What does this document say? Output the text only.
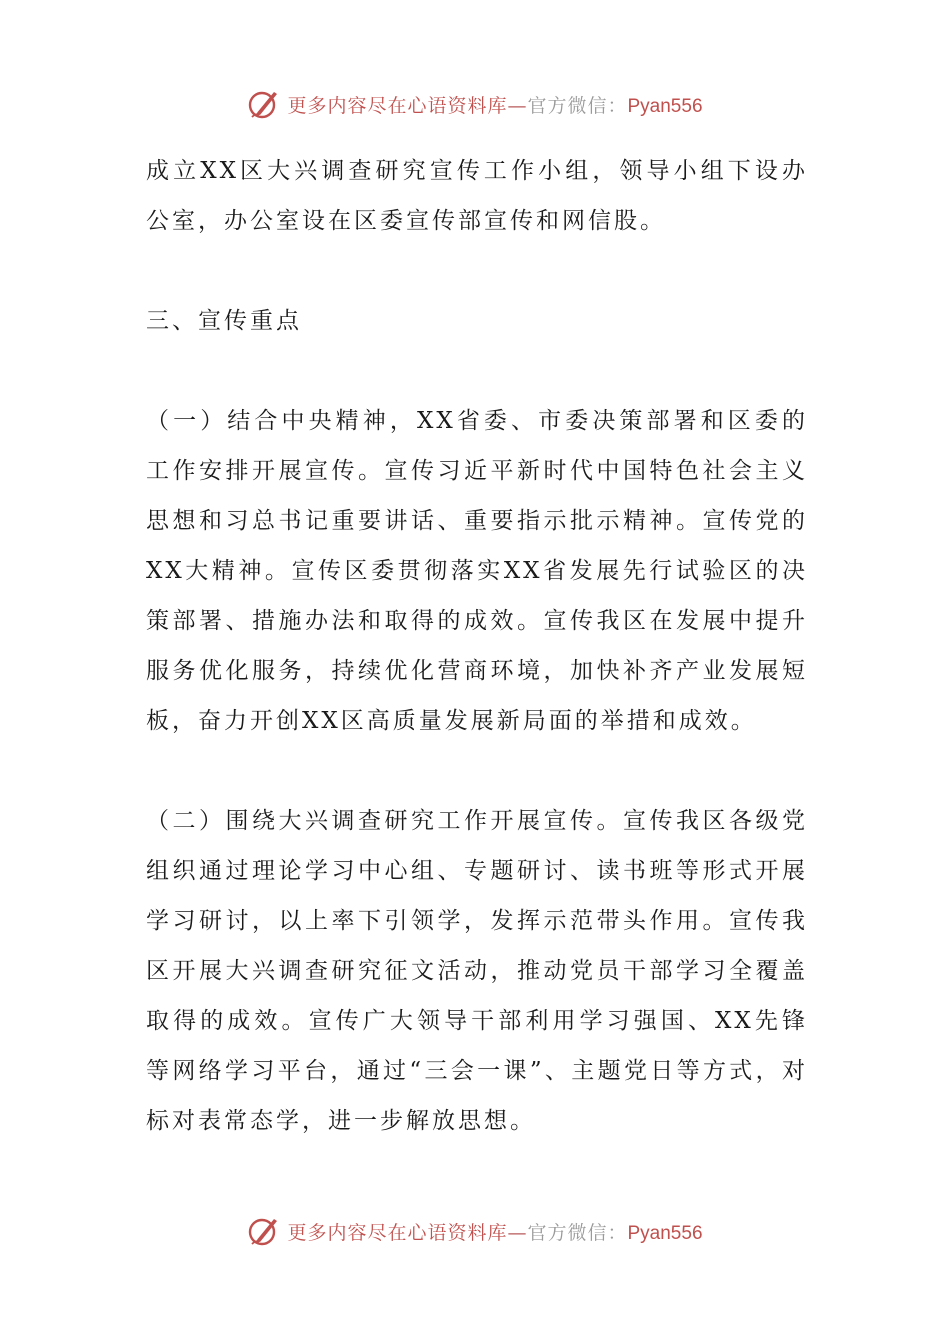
更多内容尽在心语资料库—官方微信：Pyan556

成立XX区大兴调查研究宣传工作小组，领导小组下设办公室，办公室设在区委宣传部宣传和网信股。

三、宣传重点

（一）结合中央精神，XX省委、市委决策部署和区委的工作安排开展宣传。宣传习近平新时代中国特色社会主义思想和习总书记重要讲话、重要指示批示精神。宣传党的XX大精神。宣传区委贯彻落实XX省发展先行试验区的决策部署、措施办法和取得的成效。宣传我区在发展中提升服务优化服务，持续优化营商环境，加快补齐产业发展短板，奋力开创XX区高质量发展新局面的举措和成效。

（二）围绕大兴调查研究工作开展宣传。宣传我区各级党组织通过理论学习中心组、专题研讨、读书班等形式开展学习研讨，以上率下引领学，发挥示范带头作用。宣传我区开展大兴调查研究征文活动，推动党员干部学习全覆盖取得的成效。宣传广大领导干部利用学习强国、XX先锋等网络学习平台，通过“三会一课”、主题党日等方式，对标对表常态学，进一步解放思想。

更多内容尽在心语资料库—官方微信：Pyan556
